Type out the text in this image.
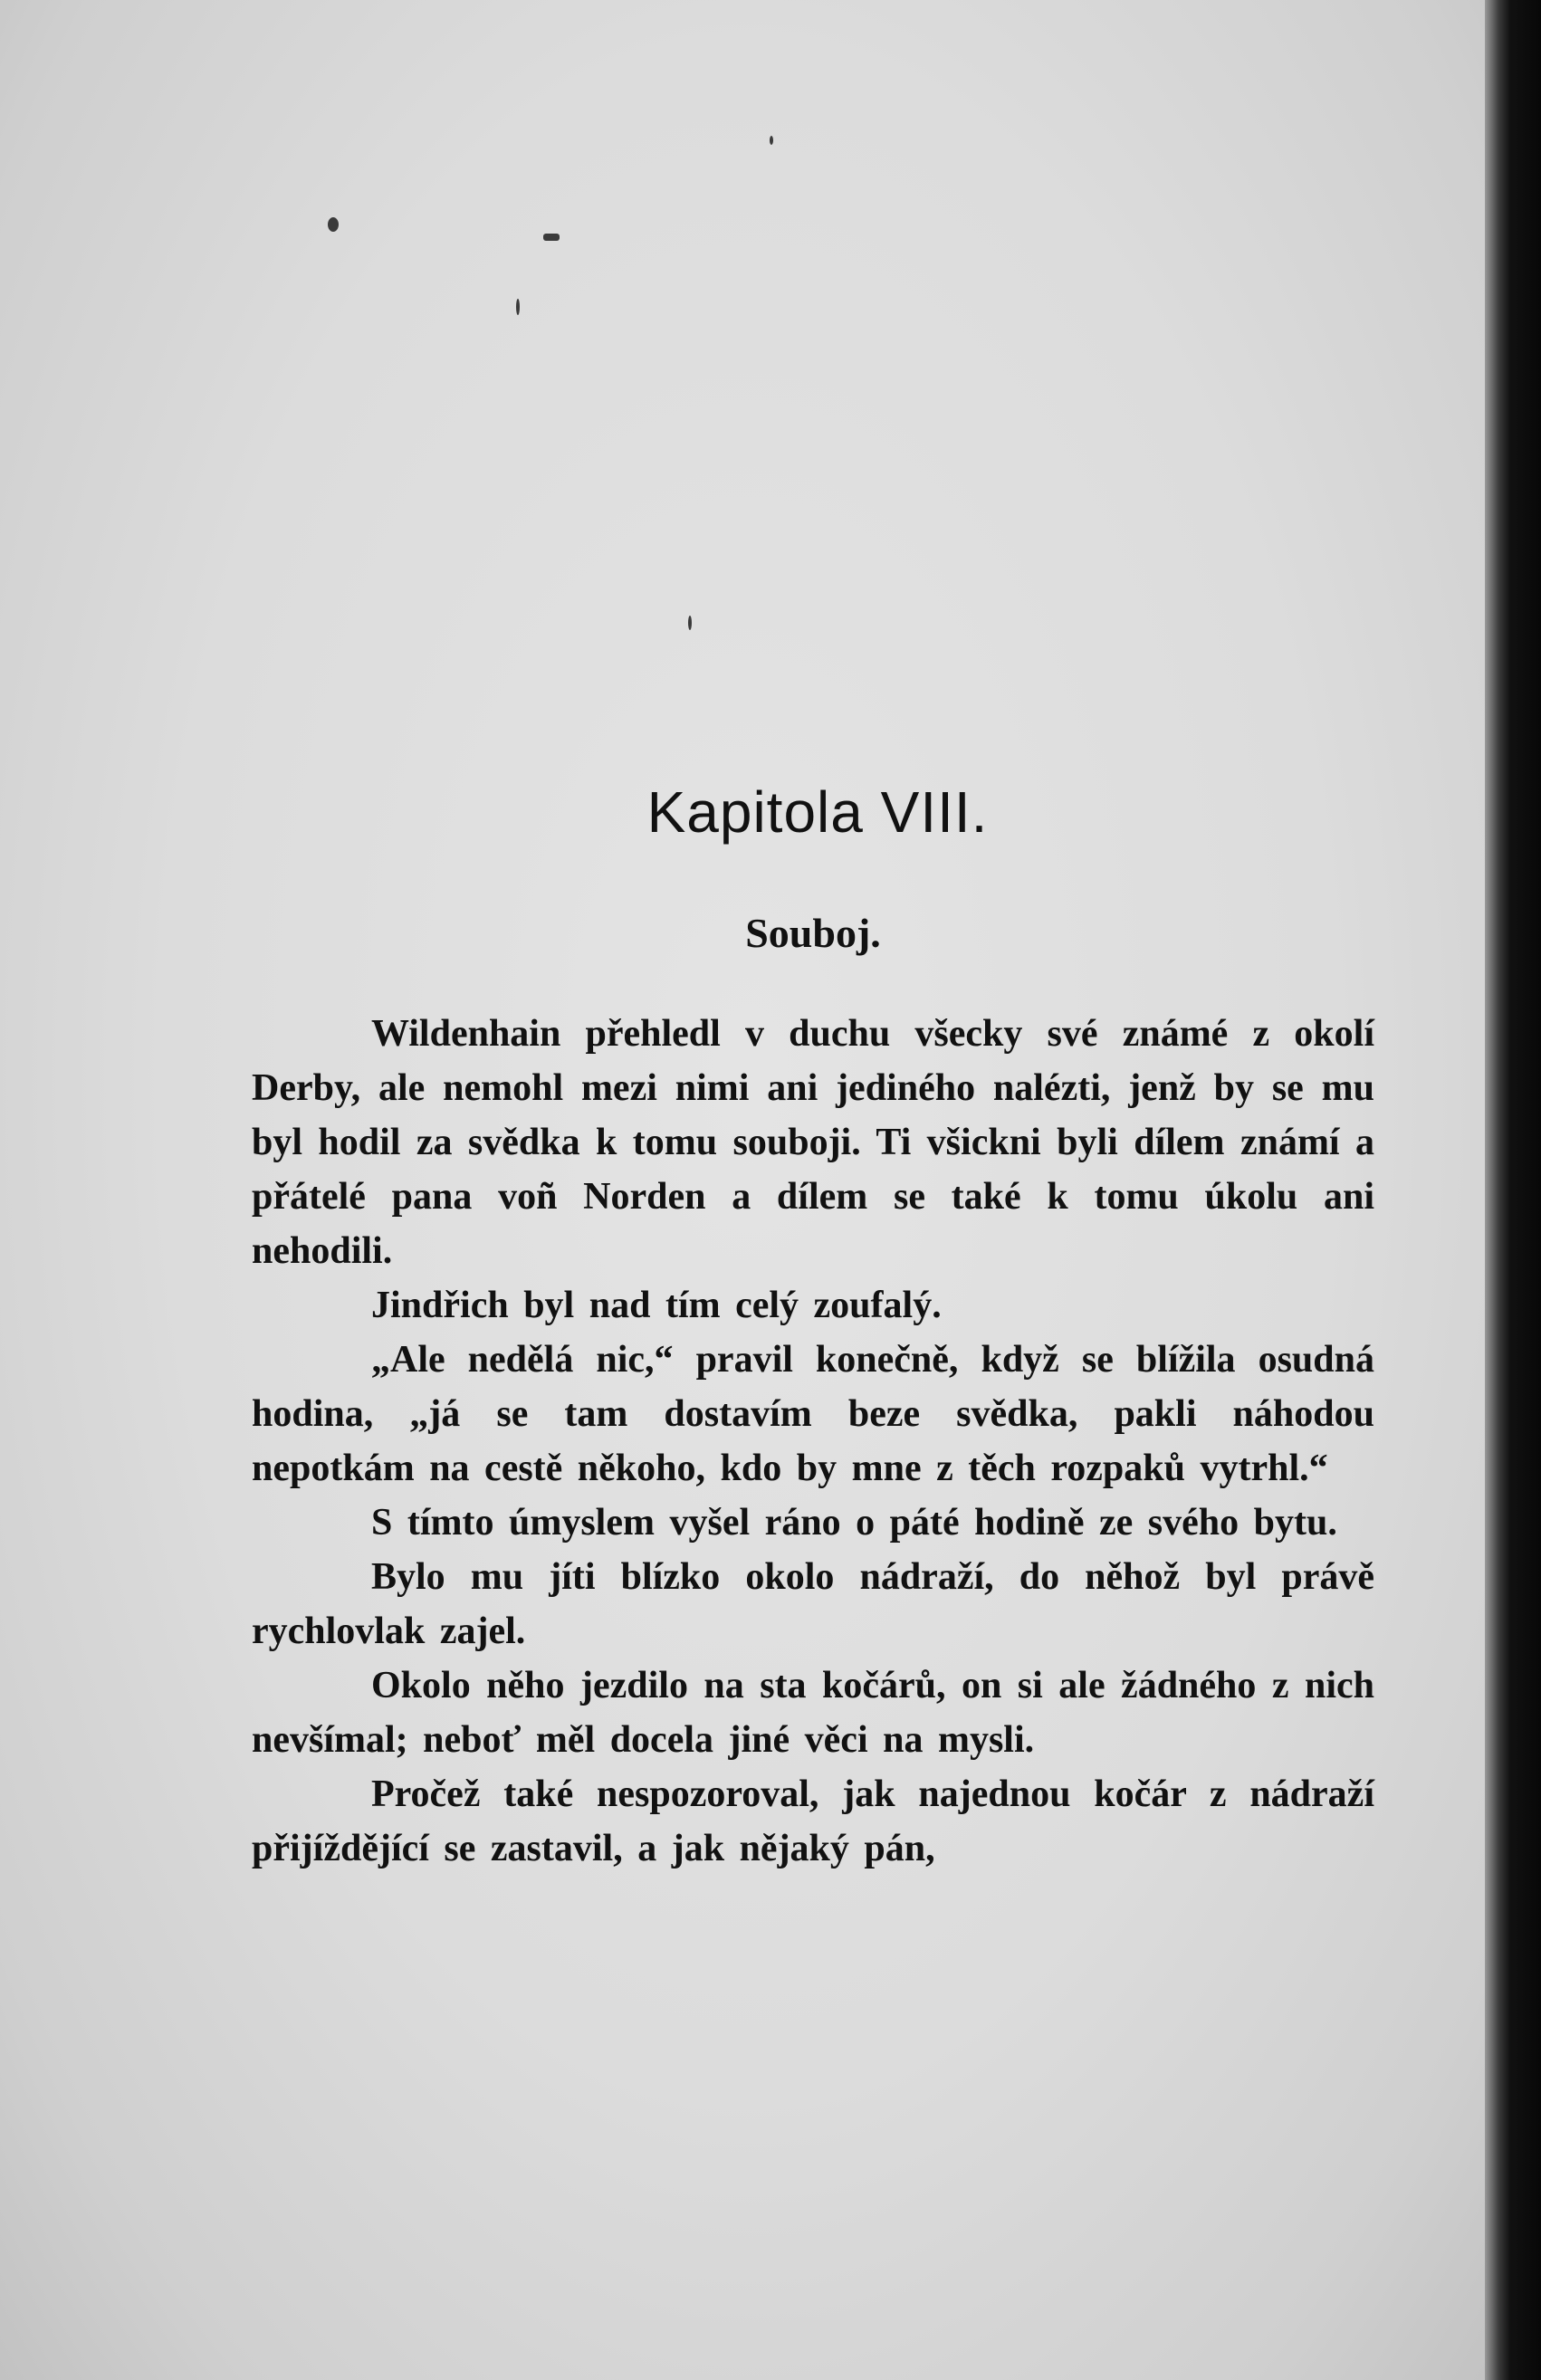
Kapitola VIII.
Souboj.

Wildenhain přehledl v duchu všecky své známé z okolí Derby, ale nemohl mezi nimi ani jediného nalézti, jenž by se mu byl hodil za svědka k tomu souboji. Ti všickni byli dílem známí a přátelé pana voñ Norden a dílem se také k tomu úkolu ani nehodili.

Jindřich byl nad tím celý zoufalý.

„Ale nedělá nic,“ pravil konečně, když se blížila osudná hodina, „já se tam dostavím beze svědka, pakli náhodou nepotkám na cestě někoho, kdo by mne z těch rozpaků vytrhl.“

S tímto úmyslem vyšel ráno o páté hodině ze svého bytu.

Bylo mu jíti blízko okolo nádraží, do něhož byl právě rychlovlak zajel.

Okolo něho jezdilo na sta kočárů, on si ale žádného z nich nevšímal; neboť měl docela jiné věci na mysli.

Pročež také nespozoroval, jak najednou kočár z nádraží přijíždějící se zastavil, a jak nějaký pán,
